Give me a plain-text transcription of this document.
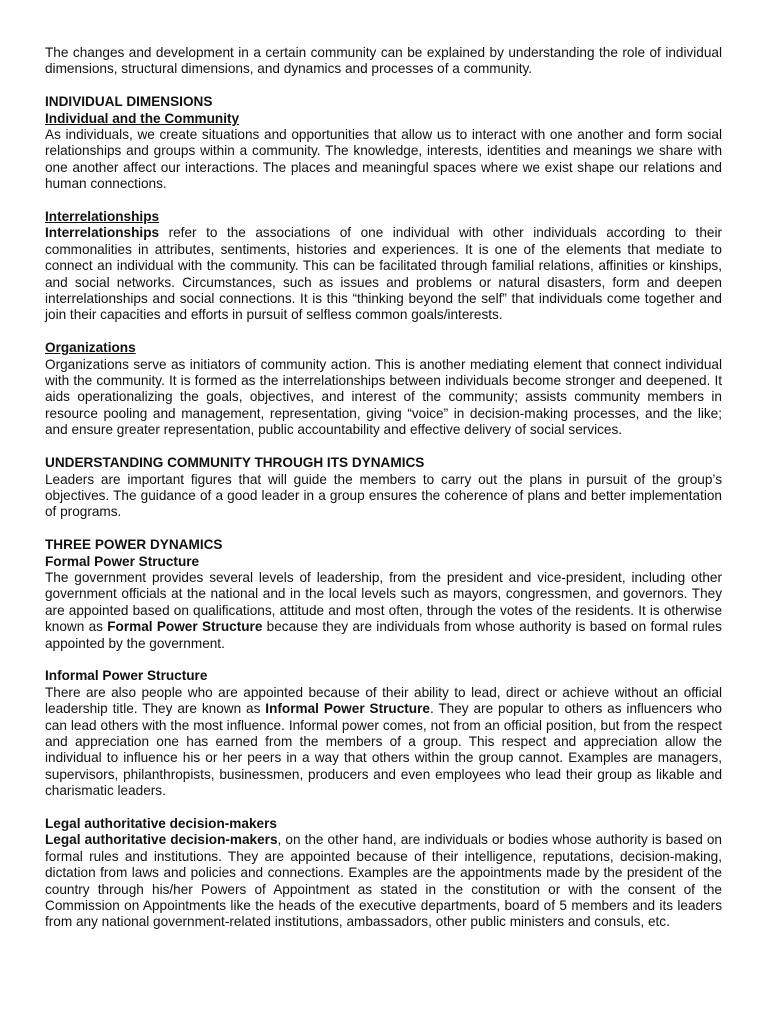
The changes and development in a certain community can be explained by understanding the role of individual dimensions, structural dimensions, and dynamics and processes of a community.

INDIVIDUAL DIMENSIONS
Individual and the Community

As individuals, we create situations and opportunities that allow us to interact with one another and form social relationships and groups within a community. The knowledge, interests, identities and meanings we share with one another affect our interactions. The places and meaningful spaces where we exist shape our relations and human connections.

Interrelationships

Interrelationships refer to the associations of one individual with other individuals according to their commonalities in attributes, sentiments, histories and experiences. It is one of the elements that mediate to connect an individual with the community. This can be facilitated through familial relations, affinities or kinships, and social networks. Circumstances, such as issues and problems or natural disasters, form and deepen interrelationships and social connections. It is this “thinking beyond the self” that individuals come together and join their capacities and efforts in pursuit of selfless common goals/interests.

Organizations

Organizations serve as initiators of community action. This is another mediating element that connect individual with the community. It is formed as the interrelationships between individuals become stronger and deepened. It aids operationalizing the goals, objectives, and interest of the community; assists community members in resource pooling and management, representation, giving “voice” in decision-making processes, and the like; and ensure greater representation, public accountability and effective delivery of social services.

UNDERSTANDING COMMUNITY THROUGH ITS DYNAMICS

Leaders are important figures that will guide the members to carry out the plans in pursuit of the group’s objectives. The guidance of a good leader in a group ensures the coherence of plans and better implementation of programs.

THREE POWER DYNAMICS
Formal Power Structure

The government provides several levels of leadership, from the president and vice-president, including other government officials at the national and in the local levels such as mayors, congressmen, and governors. They are appointed based on qualifications, attitude and most often, through the votes of the residents. It is otherwise known as Formal Power Structure because they are individuals from whose authority is based on formal rules appointed by the government.

Informal Power Structure

There are also people who are appointed because of their ability to lead, direct or achieve without an official leadership title. They are known as Informal Power Structure. They are popular to others as influencers who can lead others with the most influence. Informal power comes, not from an official position, but from the respect and appreciation one has earned from the members of a group. This respect and appreciation allow the individual to influence his or her peers in a way that others within the group cannot. Examples are managers, supervisors, philanthropists, businessmen, producers and even employees who lead their group as likable and charismatic leaders.

Legal authoritative decision-makers

Legal authoritative decision-makers, on the other hand, are individuals or bodies whose authority is based on formal rules and institutions. They are appointed because of their intelligence, reputations, decision-making, dictation from laws and policies and connections. Examples are the appointments made by the president of the country through his/her Powers of Appointment as stated in the constitution or with the consent of the Commission on Appointments like the heads of the executive departments, board of 5 members and its leaders from any national government-related institutions, ambassadors, other public ministers and consuls, etc.
